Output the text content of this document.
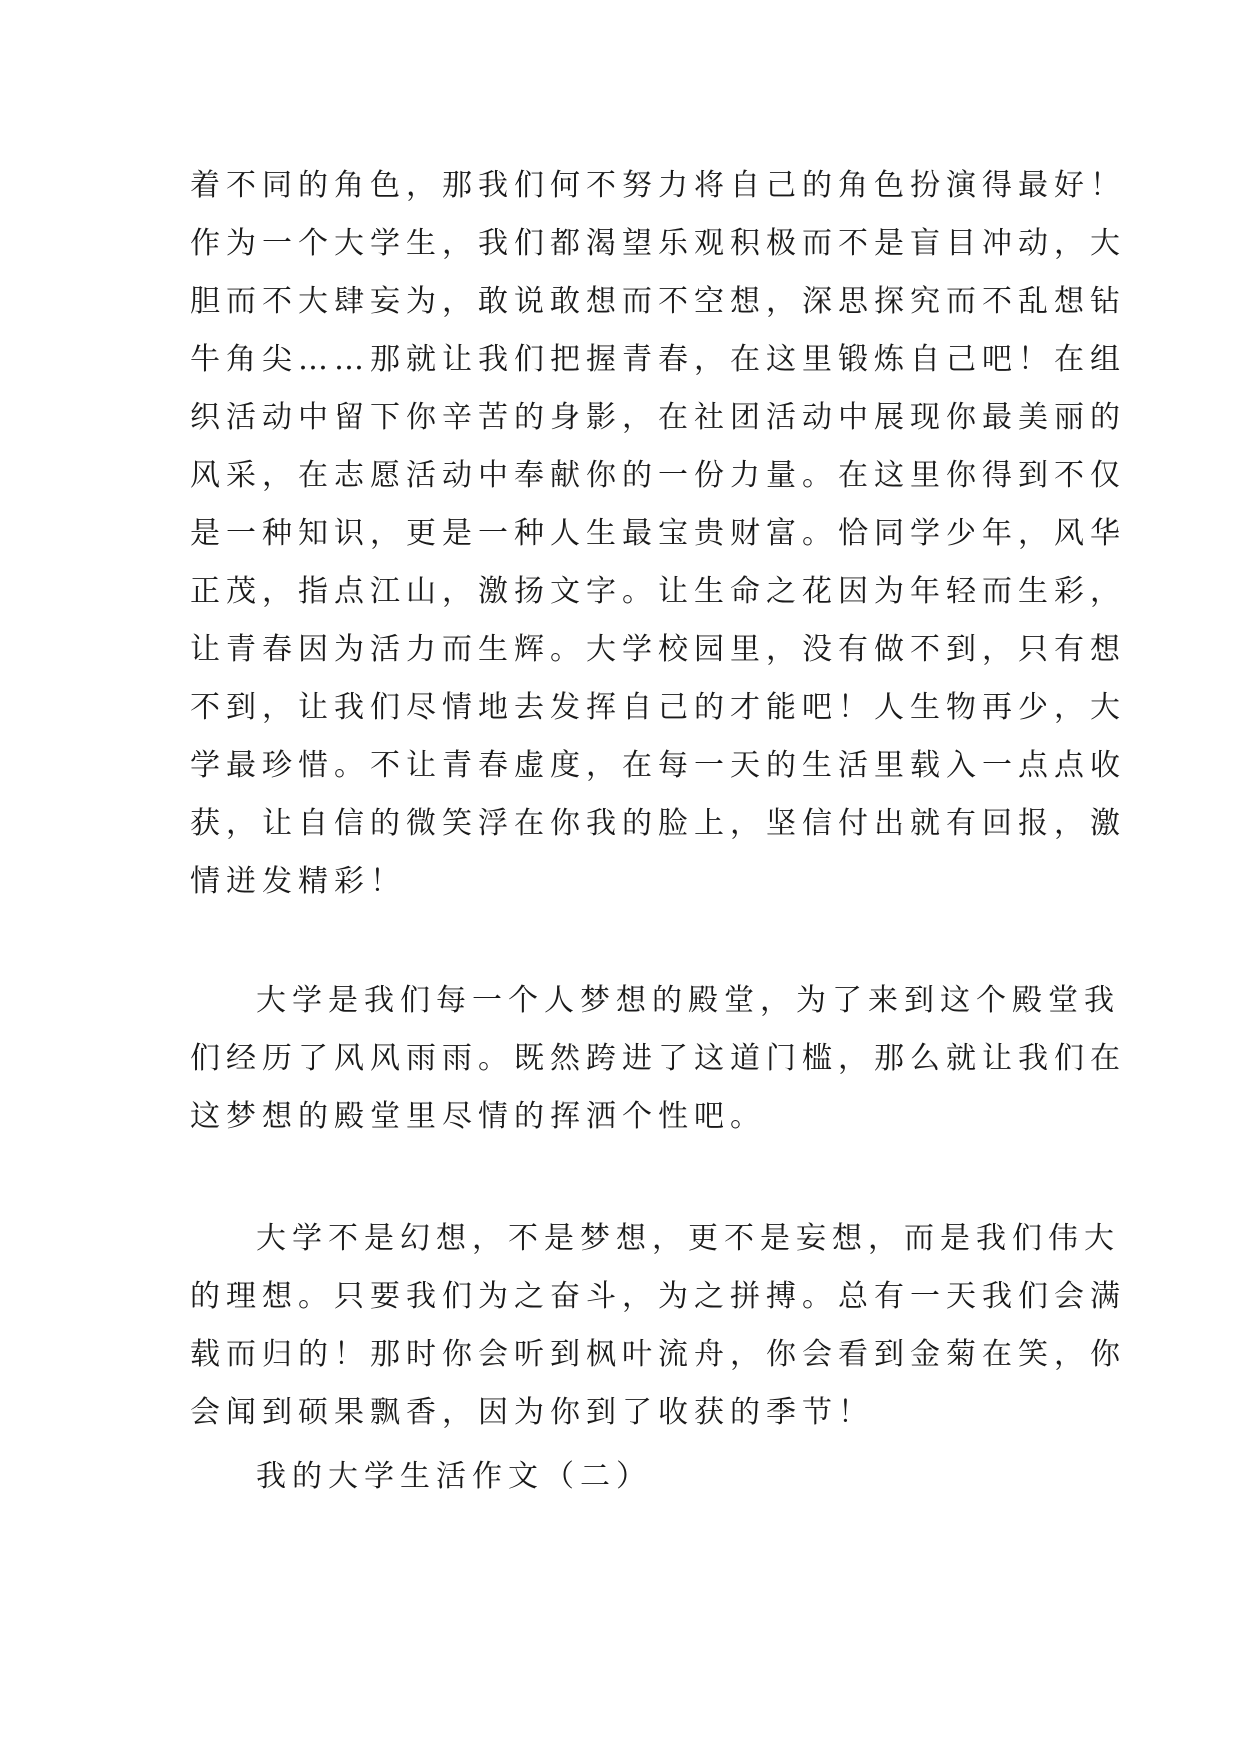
着不同的角色，那我们何不努力将自己的角色扮演得最好！
作为一个大学生，我们都渴望乐观积极而不是盲目冲动，大
胆而不大肆妄为，敢说敢想而不空想，深思探究而不乱想钻
牛角尖……那就让我们把握青春，在这里锻炼自己吧！在组
织活动中留下你辛苦的身影，在社团活动中展现你最美丽的
风采，在志愿活动中奉献你的一份力量。在这里你得到不仅
是一种知识，更是一种人生最宝贵财富。恰同学少年，风华
正茂，指点江山，激扬文字。让生命之花因为年轻而生彩，
让青春因为活力而生辉。大学校园里，没有做不到，只有想
不到，让我们尽情地去发挥自己的才能吧！人生物再少，大
学最珍惜。不让青春虚度，在每一天的生活里载入一点点收
获，让自信的微笑浮在你我的脸上，坚信付出就有回报，激
情迸发精彩！
大学是我们每一个人梦想的殿堂，为了来到这个殿堂我
们经历了风风雨雨。既然跨进了这道门槛，那么就让我们在
这梦想的殿堂里尽情的挥洒个性吧。
大学不是幻想，不是梦想，更不是妄想，而是我们伟大
的理想。只要我们为之奋斗，为之拼搏。总有一天我们会满
载而归的！那时你会听到枫叶流舟，你会看到金菊在笑，你
会闻到硕果飘香，因为你到了收获的季节！
我的大学生活作文（二）
